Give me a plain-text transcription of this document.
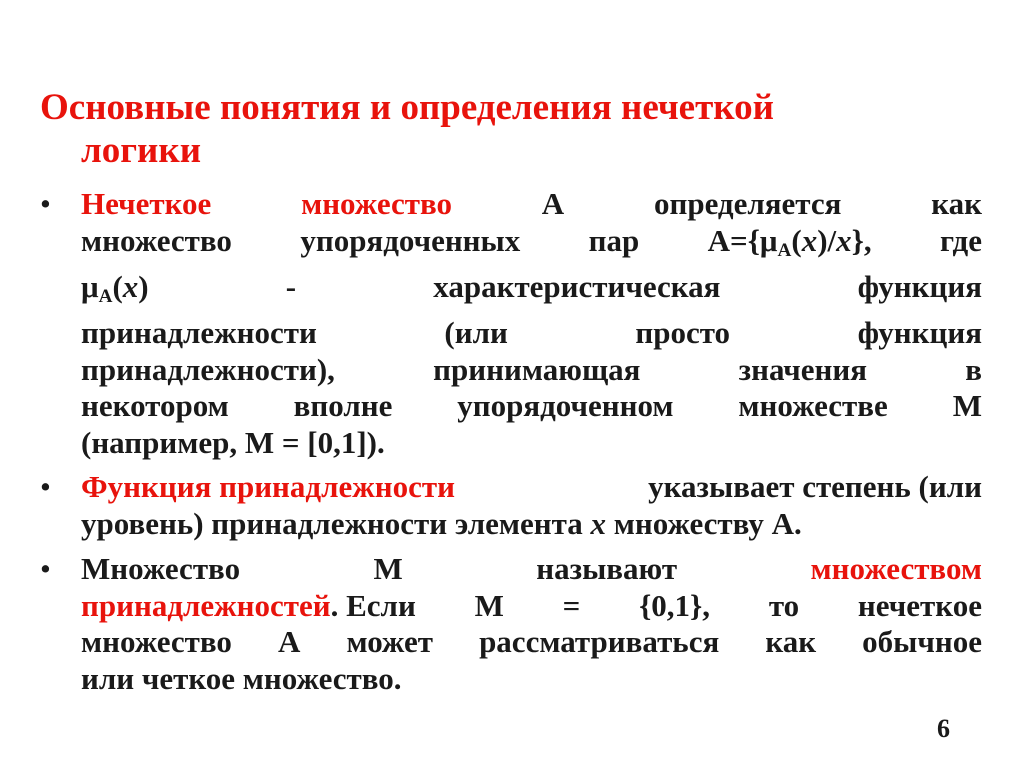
Основные понятия и определения нечеткой
логики
• Нечеткое	множество	А	определяется	как
множество упорядоченных пар $A=\{\mu_A(x)/x\}$, где
$\mu_A(x)$	-	характеристическая	функция
принадлежности	(или	просто	функция
принадлежности),	принимающая	значения	в
некотором вполне упорядоченном множестве М
(например, M = [0,1]).
• Функция принадлежности	указывает степень (или
уровень) принадлежности элемента x множеству А.
• Множество	М	называют	множеством
принадлежностей. Если М = {0,1}, то нечеткое
множество А может рассматриваться как обычное
или четкое множество.
6
